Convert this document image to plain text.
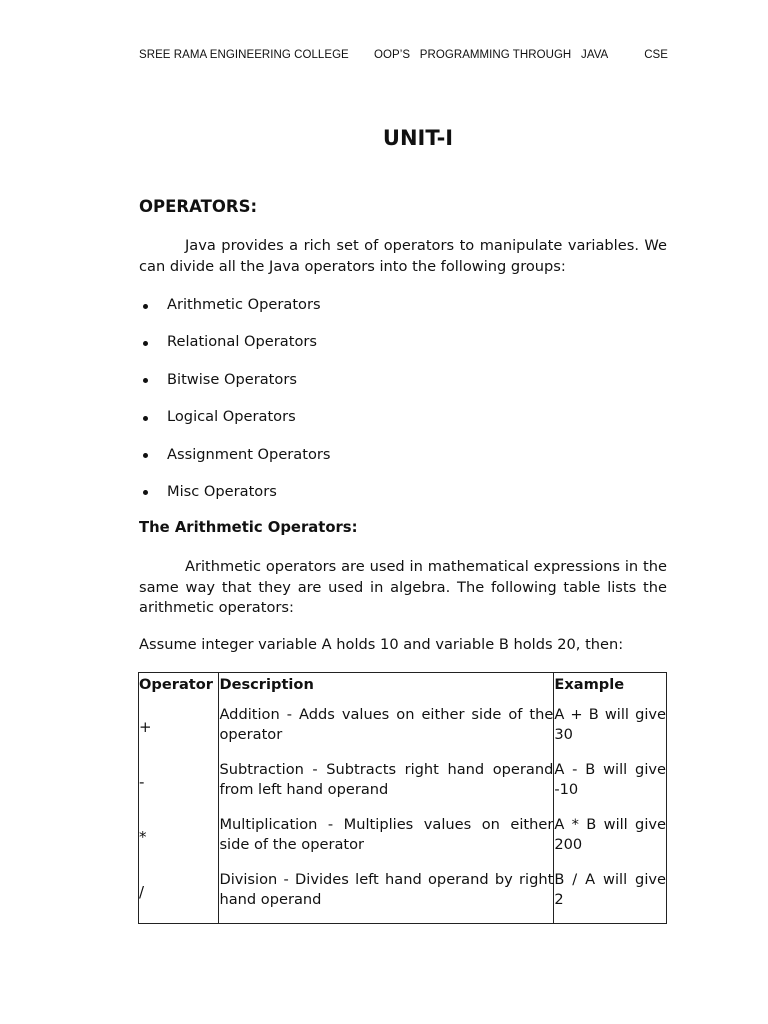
SREE RAMA ENGINEERING COLLEGE OOP’S   PROGRAMMING THROUGH   JAVA	CSE
UNIT-I
OPERATORS:

Java provides a rich set of operators to manipulate variables. We can divide all the Java operators into the following groups:

Arithmetic Operators
Relational Operators
Bitwise Operators
Logical Operators
Assignment Operators
Misc Operators
The Arithmetic Operators:

Arithmetic operators are used in mathematical expressions in the same way that they are used in algebra. The following table lists the arithmetic operators:

Assume integer variable A holds 10 and variable B holds 20, then:

Operator	Description	Example

+	Addition - Adds values on either side of the operator	A + B will give 30

-	Subtraction - Subtracts right hand operand from left hand operand	A - B will give -10

*	Multiplication - Multiplies values on either side of the operator	A * B will give 200

/	Division - Divides left hand operand by right hand operand	B / A will give 2
